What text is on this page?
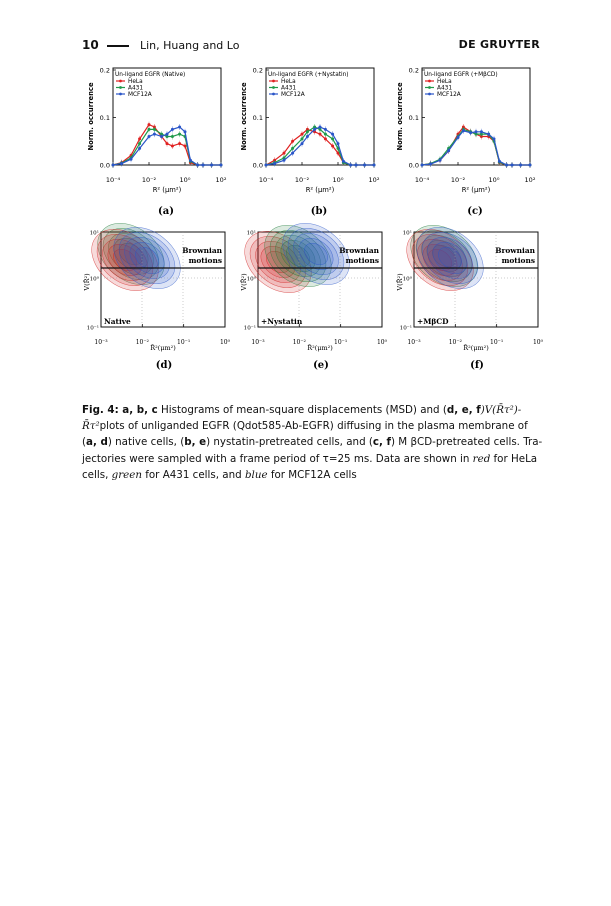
10	Lin, Huang and Lo	DE GRUYTER
0.0
0.1
0.2
10⁻⁴	10⁻²	10⁰	10²
R² (μm²)
Norm. occurrence
Un-ligand EGFR (Native)
HeLa
A431
MCF12A
(a)
0.0
0.1
0.2
10⁻⁴	10⁻²	10⁰	10²
R² (μm²)
Norm. occurrence
Un-ligand EGFR (+Nystatin)
HeLa
A431
MCF12A
(b)
0.0
0.1
0.2
10⁻⁴	10⁻²	10⁰	10²
R² (μm²)
Norm. occurrence
Un-ligand EGFR (+MβCD)
HeLa
A431
MCF12A
(c)
Brownian
motions
Native
10⁻¹
10⁰
10¹
10⁻³	10⁻²	10⁻¹	10⁰
R̄²(μm²)
V(R̄²)
(d)
Brownian
motions
+Nystatin
10⁻¹
10⁰
10¹
10⁻³	10⁻²	10⁻¹	10⁰
R̄²(μm²)
V(R̄²)
(e)
Brownian
motions
+MβCD
10⁻¹
10⁰
10¹
10⁻³	10⁻²	10⁻¹	10⁰
R̄²(μm²)
V(R̄²)
(f)
Fig. 4: a, b, c Histograms of mean-square displacements (MSD) and (d, e, f)V(R̄τ²)-
R̄τ²plots of unliganded EGFR (Qdot585-Ab-EGFR) diffusing in the plasma membrane of
(a, d) native cells, (b, e) nystatin-pretreated cells, and (c, f) M βCD-pretreated cells. Tra-
jectories were sampled with a frame period of τ=25 ms. Data are shown in red for HeLa
cells, green for A431 cells, and blue for MCF12A cells
